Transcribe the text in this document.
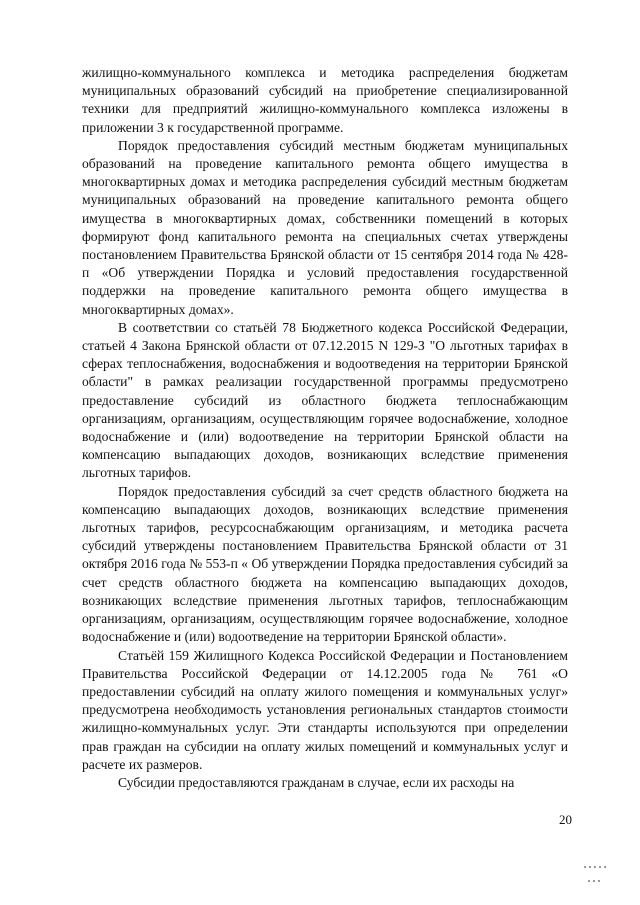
жилищно-коммунального комплекса и методика распределения бюджетам муниципальных образований субсидий на приобретение специализированной техники для предприятий жилищно-коммунального комплекса изложены в приложении 3 к государственной программе.

Порядок предоставления субсидий местным бюджетам муниципальных образований на проведение капитального ремонта общего имущества в многоквартирных домах и методика распределения субсидий местным бюджетам муниципальных образований на проведение капитального ремонта общего имущества в многоквартирных домах, собственники помещений в которых формируют фонд капитального ремонта на специальных счетах утверждены постановлением Правительства Брянской области от 15 сентября 2014 года № 428-п «Об утверждении Порядка и условий предоставления государственной поддержки на проведение капитального ремонта общего имущества в многоквартирных домах».

В соответствии со статьёй 78 Бюджетного кодекса Российской Федерации, статьей 4 Закона Брянской области от 07.12.2015 N 129-З "О льготных тарифах в сферах теплоснабжения, водоснабжения и водоотведения на территории Брянской области" в рамках реализации государственной программы предусмотрено предоставление субсидий из областного бюджета теплоснабжающим организациям, организациям, осуществляющим горячее водоснабжение, холодное водоснабжение и (или) водоотведение на территории Брянской области на компенсацию выпадающих доходов, возникающих вследствие применения льготных тарифов.

Порядок предоставления субсидий за счет средств областного бюджета на компенсацию выпадающих доходов, возникающих вследствие применения льготных тарифов, ресурсоснабжающим организациям, и методика расчета субсидий утверждены постановлением Правительства Брянской области от 31 октября 2016 года № 553-п « Об утверждении Порядка предоставления субсидий за счет средств областного бюджета на компенсацию выпадающих доходов, возникающих вследствие применения льготных тарифов, теплоснабжающим организациям, организациям, осуществляющим горячее водоснабжение, холодное водоснабжение и (или) водоотведение на территории Брянской области».

Статьёй 159 Жилищного Кодекса Российской Федерации и Постановлением Правительства Российской Федерации от 14.12.2005 года № 761 «О предоставлении субсидий на оплату жилого помещения и коммунальных услуг» предусмотрена необходимость установления региональных стандартов стоимости жилищно-коммунальных услуг. Эти стандарты используются при определении прав граждан на субсидии на оплату жилых помещений и коммунальных услуг и расчете их размеров.

Субсидии предоставляются гражданам в случае, если их расходы на

20
